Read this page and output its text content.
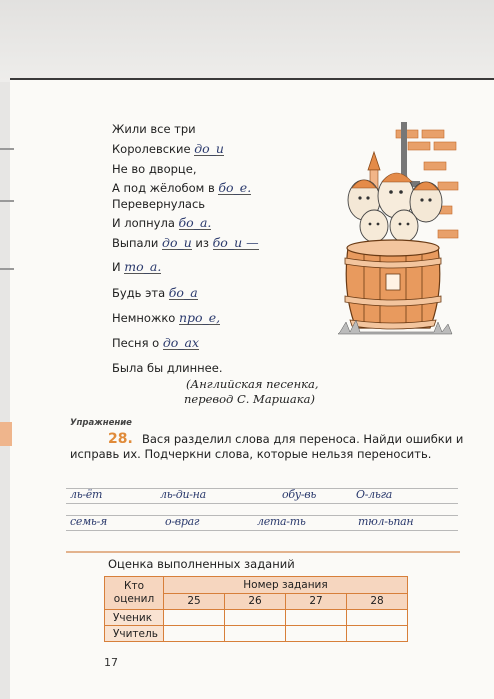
Жили все три
Королевские до_и
Не во дворце,
А под жёлобом в бо_е.
Перевернулась
И лопнула бо_а.
Выпали до_и из бо_и —
И то_а.
Будь эта бо_а
Немножко про_е,
Песня о до_ах
Была бы длиннее.
(Английская песенка,
перевод С. Маршака)
Упражнение
Вася разделил слова для переноса. Найди ошибки и исправь их. Подчеркни слова, которые нельзя переносить.
28.
ль-ёт	ль-ди-на	обу-вь	О-льга
семь-я	о-враг	лета-ть	тюл-ьпан
Оценка выполненных заданий
Кто
оценил	Номер задания			
	25	26	27	28
Ученик				
Учитель				
17
